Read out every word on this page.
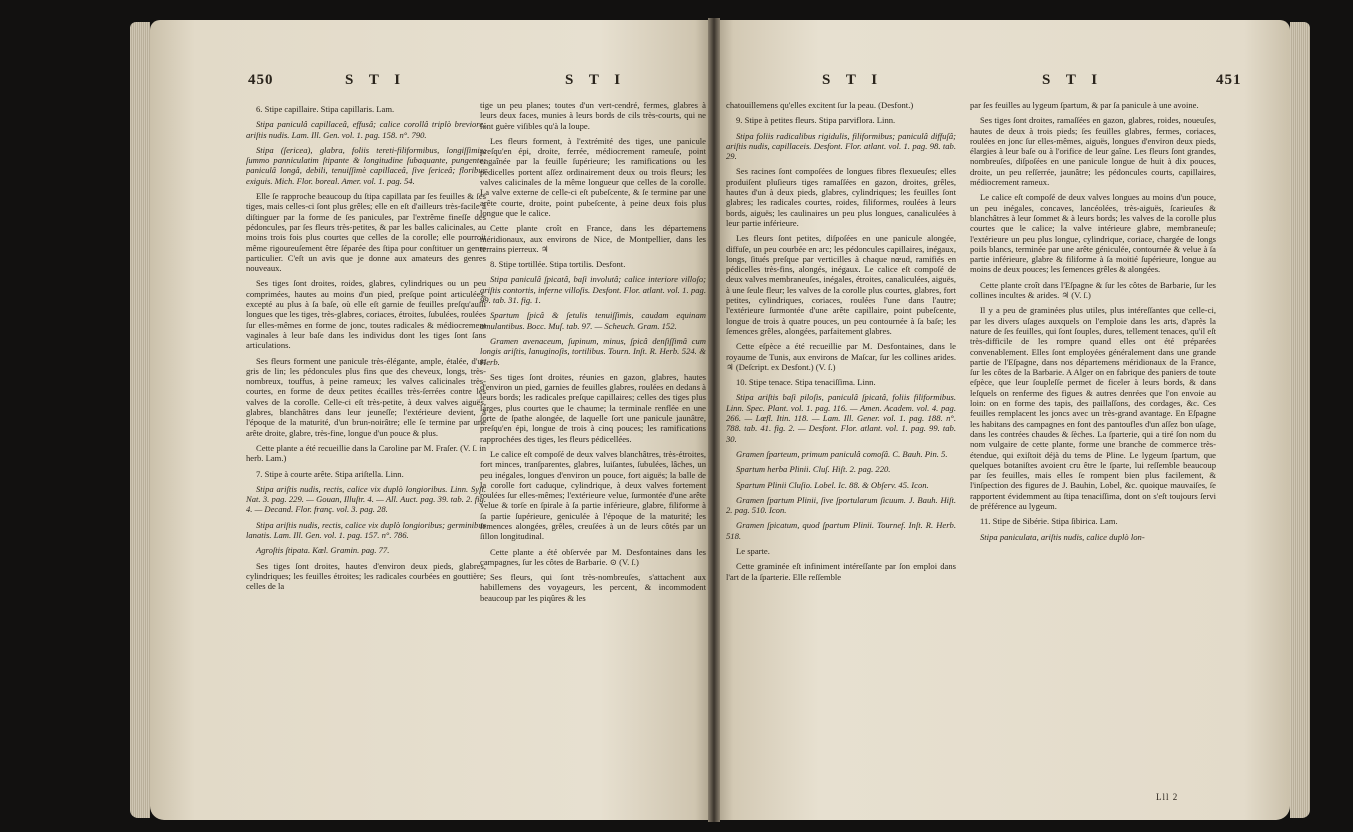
450	S T I	S T I

6. Stipe capillaire. Stipa capillaris. Lam.

Stipa paniculâ capillaceâ, effusâ; calice corollâ triplò breviore; ariſtis nudis. Lam. Ill. Gen. vol. 1. pag. 158. n°. 790.

Stipa (ſericea), glabra, foliis tereti-filiformibus, longiſſimis; ſummo panniculatim ſtipante & longitudine ſubaquante, pungente; paniculâ longâ, debili, tenuiſſimè capillaceâ, ſive ſericeâ; floribus exiguis. Mich. Flor. boreal. Amer. vol. 1. pag. 54.

Elle ſe rapproche beaucoup du ſtipa capillata par ſes feuilles & ſes tiges, mais celles-ci ſont plus grêles; elle en eſt d'ailleurs très-facile à diſtinguer par la forme de ſes panicules, par l'extrême fineſſe des pédoncules, par ſes fleurs très-petites, & par les balles calicinales, au moins trois fois plus courtes que celles de la corolle; elle pourroit même rigoureuſement être ſéparée des ſtipa pour conſtituer un genre particulier. C'eſt un avis que je donne aux amateurs des genres nouveaux.

Ses tiges ſont droites, roides, glabres, cylindriques ou un peu comprimées, hautes au moins d'un pied, preſque point articulées, excepté au plus à ſa baſe, où elle eſt garnie de feuilles preſqu'auſſi longues que les tiges, très-glabres, coriaces, étroites, ſubulées, roulées ſur elles-mêmes en forme de jonc, toutes radicales & médiocrement vaginales à leur baſe dans les individus dont les tiges ſont ſans articulations.

Ses fleurs forment une panicule très-élégante, ample, étalée, d'un gris de lin; les pédoncules plus fins que des cheveux, longs, très-nombreux, touffus, à peine rameux; les valves calicinales très-courtes, en forme de deux petites écailles très-ſerrées contre les valves de la corolle. Celle-ci eſt très-petite, à deux valves aiguës, glabres, blanchâtres dans leur jeuneſſe; l'extérieure devient, à l'époque de la maturité, d'un brun-noirâtre; elle ſe termine par une arête droite, glabre, très-fine, longue d'un pouce & plus.

Cette plante a été recueillie dans la Caroline par M. Fraſer. (V. ſ. in herb. Lam.)

7. Stipe à courte arête. Stipa ariſtella. Linn.

Stipa ariſtis nudis, rectis, calice vix duplò longioribus. Linn. Syſt. Nat. 3. pag. 229. — Gouan, Illuſtr. 4. — All. Auct. pag. 39. tab. 2. fig. 4. — Decand. Flor. franç. vol. 3. pag. 28.

Stipa ariſtis nudis, rectis, calice vix duplò longioribus; germinibus lanatis. Lam. Ill. Gen. vol. 1. pag. 157. n°. 786.

Agroſtis ſtipata. Kœl. Gramin. pag. 77.

Ses tiges ſont droites, hautes d'environ deux pieds, glabres, cylindriques; les feuilles étroites; les radicales courbées en gouttière; celles de la

tige un peu planes; toutes d'un vert-cendré, fermes, glabres à leurs deux faces, munies à leurs bords de cils très-courts, qui ne ſont guère viſibles qu'à la loupe.

Les fleurs forment, à l'extrémité des tiges, une panicule preſqu'en épi, droite, ferrée, médiocrement rameuſe, point engaînée par la feuille ſupérieure; les ramifications ou les pédicelles portent aſſez ordinairement deux ou trois fleurs; les valves calicinales de la même longueur que celles de la corolle. La valve externe de celle-ci eſt pubeſcente, & ſe termine par une arête courte, droite, point pubeſcente, à peine deux fois plus longue que le calice.

Cette plante croît en France, dans les départemens méridionaux, aux environs de Nice, de Montpellier, dans les terrains pierreux. ♃

8. Stipe tortillée. Stipa tortilis. Desfont.

Stipa paniculâ ſpicatâ, baſi involutâ; calice interiore villoſo; ariſtis contortis, inferne villoſis. Desfont. Flor. atlant. vol. 1. pag. 99. tab. 31. fig. 1.

Spartum ſpicâ & ſetulis tenuiſſimis, caudam equinam amulantibus. Bocc. Muſ. tab. 97. — Scheuch. Gram. 152.

Gramen avenaceum, ſupinum, minus, ſpicâ denſiſſimâ cum longis ariſtis, lanuginoſis, tortilibus. Tourn. Inſt. R. Herb. 524. & Herb.

Ses tiges ſont droites, réunies en gazon, glabres, hautes d'environ un pied, garnies de feuilles glabres, roulées en dedans à leurs bords; les radicales preſque capillaires; celles des tiges plus larges, plus courtes que le chaume; la terminale renflée en une ſorte de ſpathe alongée, de laquelle ſort une panicule jaunâtre, preſqu'en épi, longue de trois à cinq pouces; les ramifications rapprochées des tiges, les fleurs pédicellées.

Le calice eſt compoſé de deux valves blanchâtres, très-étroites, fort minces, tranſparentes, glabres, luiſantes, ſubulées, lâches, un peu inégales, longues d'environ un pouce, fort aiguës; la balle de la corolle fort caduque, cylindrique, à deux valves fortement roulées ſur elles-mêmes; l'extérieure velue, ſurmontée d'une arête velue & torſe en ſpirale à ſa partie inférieure, glabre, filiforme à ſa partie ſupérieure, geniculée à l'époque de la maturité; les ſemences alongées, grêles, creuſées à un de leurs côtés par un ſillon longitudinal.

Cette plante a été obſervée par M. Desfontaines dans les campagnes, ſur les côtes de Barbarie. ⊙ (V. ſ.)

Ses fleurs, qui ſont très-nombreuſes, s'attachent aux habillemens des voyageurs, les percent, & incommodent beaucoup par les piqûres & les

S T I	S T I	451

chatouillemens qu'elles excitent ſur la peau. (Desfont.)

9. Stipe à petites fleurs. Stipa parviflora. Linn.

Stipa foliis radicalibus rigidulis, filiformibus; paniculâ diffuſâ; ariſtis nudis, capillaceis. Desfont. Flor. atlant. vol. 1. pag. 98. tab. 29.

Ses racines ſont compoſées de longues fibres flexueuſes; elles produiſent pluſieurs tiges ramaſſées en gazon, droites, grêles, hautes d'un à deux pieds, glabres, cylindriques; les feuilles ſont glabres; les radicales courtes, roides, filiformes, roulées à leurs bords, aiguës; les caulinaires un peu plus longues, canaliculées à leur partie inférieure.

Les fleurs ſont petites, diſpoſées en une panicule alongée, diffuſe, un peu courbée en arc; les pédoncules capillaires, inégaux, longs, ſitués preſque par verticilles à chaque nœud, ramifiés en pédicelles très-fins, alongés, inégaux. Le calice eſt compoſé de deux valves membraneuſes, inégales, étroites, canaliculées, aiguës, à une ſeule fleur; les valves de la corolle plus courtes, glabres, fort petites, cylindriques, coriaces, roulées l'une dans l'autre; l'extérieure ſurmontée d'une arête capillaire, point pubeſcente, longue de trois à quatre pouces, un peu contournée à ſa baſe; les ſemences grêles, alongées, parfaitement glabres.

Cette eſpèce a été recueillie par M. Desfontaines, dans le royaume de Tunis, aux environs de Maſcar, ſur les collines arides. ♃ (Deſcript. ex Desfont.) (V. ſ.)

10. Stipe tenace. Stipa tenaciſſima. Linn.

Stipa ariſtis baſi piloſis, paniculâ ſpicatâ, foliis filiformibus. Linn. Spec. Plant. vol. 1. pag. 116. — Amen. Academ. vol. 4. pag. 266. — Lœfl. Itin. 118. — Lam. Ill. Gener. vol. 1. pag. 188. n°. 788. tab. 41. fig. 2. — Desfont. Flor. atlant. vol. 1. pag. 99. tab. 30.

Gramen ſparteum, primum paniculâ comoſâ. C. Bauh. Pin. 5.

Spartum herba Plinii. Cluſ. Hiſt. 2. pag. 220.

Spartum Plinii Cluſio. Lobel. Ic. 88. & Obſerv. 45. Icon.

Gramen ſpartum Plinii, ſive ſportularum ſicuum. J. Bauh. Hiſt. 2. pag. 510. Icon.

Gramen ſpicatum, quod ſpartum Plinii. Tournef. Inſt. R. Herb. 518.

Le sparte.

Cette graminée eſt infiniment intéreſſante par ſon emploi dans l'art de la ſparterie. Elle reſſemble

par ſes feuilles au lygeum ſpartum, & par ſa panicule à une avoine.

Ses tiges ſont droites, ramaſſées en gazon, glabres, roides, noueuſes, hautes de deux à trois pieds; ſes feuilles glabres, fermes, coriaces, roulées en jonc ſur elles-mêmes, aiguës, longues d'environ deux pieds, élargies à leur baſe ou à l'orifice de leur gaîne. Les fleurs ſont grandes, nombreuſes, diſpoſées en une panicule longue de huit à dix pouces, droite, un peu reſſerrée, jaunâtre; les pédoncules courts, capillaires, médiocrement rameux.

Le calice eſt compoſé de deux valves longues au moins d'un pouce, un peu inégales, concaves, lancéolées, très-aiguës, ſcarieuſes & blanchâtres à leur ſommet & à leurs bords; les valves de la corolle plus courtes que le calice; la valve intérieure glabre, membraneuſe; l'extérieure un peu plus longue, cylindrique, coriace, chargée de longs poils blancs, terminée par une arête géniculée, contournée & velue à ſa partie inférieure, glabre & filiforme à ſa moitié ſupérieure, longue au moins de deux pouces; les ſemences grêles & alongées.

Cette plante croît dans l'Eſpagne & ſur les côtes de Barbarie, ſur les collines incultes & arides. ♃ (V. ſ.)

Il y a peu de graminées plus utiles, plus intéreſſantes que celle-ci, par les divers uſages auxquels on l'emploie dans les arts, d'après la nature de ſes feuilles, qui ſont ſouples, dures, tellement tenaces, qu'il eſt très-difficile de les rompre quand elles ont été préparées convenablement. Elles ſont employées généralement dans une grande partie de l'Eſpagne, dans nos départemens méridionaux de la France, ſur les côtes de la Barbarie. A Alger on en fabrique des paniers de toute eſpèce, que leur ſoupleſſe permet de ficeler à leurs bords, & dans leſquels on renferme des figues & autres denrées que l'on envoie au loin: on en forme des tapis, des paillaſſons, des cordages, &c. Ces feuilles remplacent les joncs avec un très-grand avantage. En Eſpagne les habitans des campagnes en font des pantoufles d'un aſſez bon uſage, dans les contrées chaudes & ſèches. La ſparterie, qui a tiré ſon nom du nom vulgaire de cette plante, forme une branche de commerce très-étendue, qui exiſtoit déjà du tems de Pline. Le lygeum ſpartum, que quelques botaniſtes avoient cru être le ſparte, lui reſſemble beaucoup par ſes feuilles, mais elles ſe rompent bien plus facilement, & l'inſpection des figures de J. Bauhin, Lobel, &c. quoique mauvaiſes, ſe rapportent évidemment au ſtipa tenaciſſima, dont on s'eſt toujours ſervi de préférence au lygeum.

11. Stipe de Sibérie. Stipa ſibirica. Lam.

Stipa paniculata, ariſtis nudis, calice duplò lon-

Lll 2
